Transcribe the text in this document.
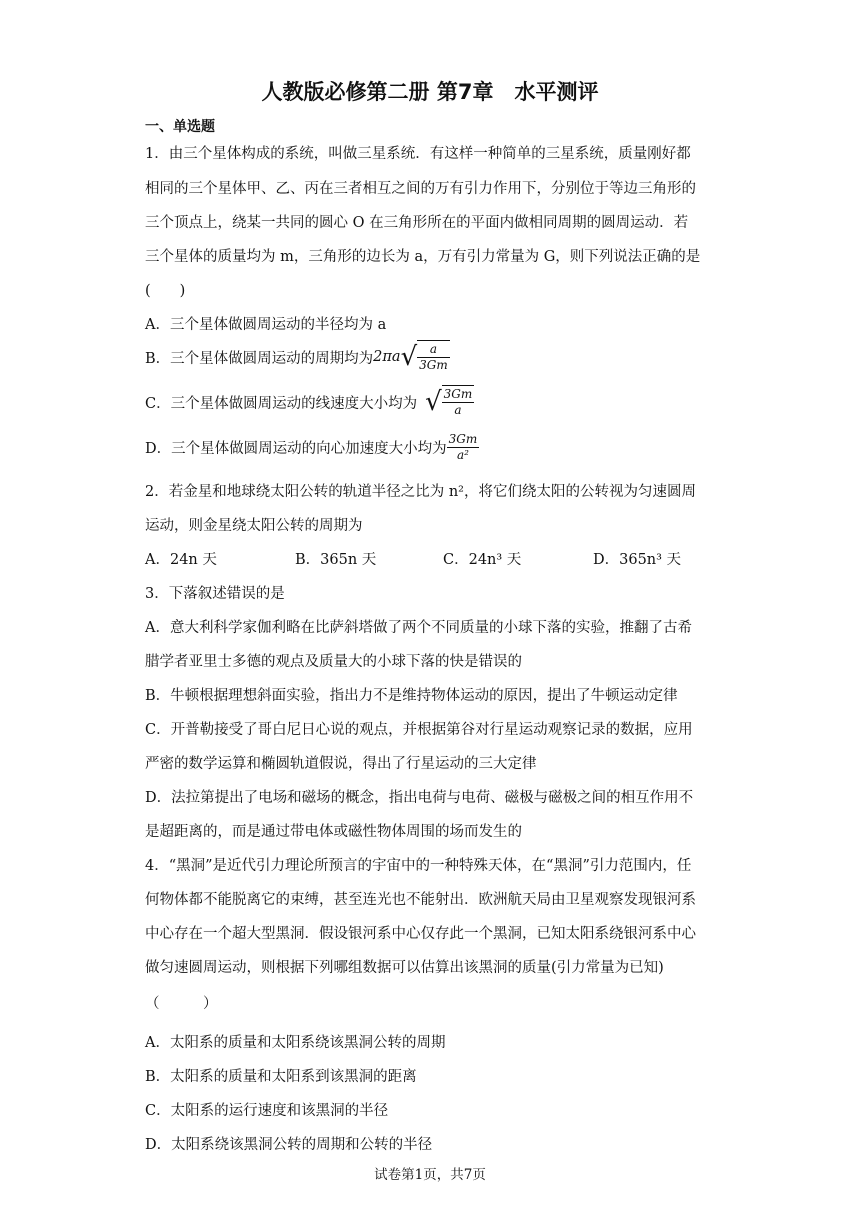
人教版必修第二册 第7章　水平测评
一、单选题
1．由三个星体构成的系统，叫做三星系统．有这样一种简单的三星系统，质量刚好都
相同的三个星体甲、乙、丙在三者相互之间的万有引力作用下，分别位于等边三角形的
三个顶点上，绕某一共同的圆心 O 在三角形所在的平面内做相同周期的圆周运动．若
三个星体的质量均为 m，三角形的边长为 a，万有引力常量为 G，则下列说法正确的是
(　　)
A．三个星体做圆周运动的半径均为 a
B．三个星体做圆周运动的周期均为 2πa √ $\frac{a}{3Gm}$
C．三个星体做圆周运动的线速度大小均为 √ $\frac{3Gm}{a}$
D．三个星体做圆周运动的向心加速度大小均为 $\frac{3Gm}{\text{a²}}$
2．若金星和地球绕太阳公转的轨道半径之比为 n²，将它们绕太阳的公转视为匀速圆周
运动，则金星绕太阳公转的周期为
A．24n 天	B．365n 天	C．24n³ 天	D．365n³ 天
3．下落叙述错误的是
A．意大利科学家伽利略在比萨斜塔做了两个不同质量的小球下落的实验，推翻了古希
腊学者亚里士多德的观点及质量大的小球下落的快是错误的
B．牛顿根据理想斜面实验，指出力不是维持物体运动的原因，提出了牛顿运动定律
C．开普勒接受了哥白尼日心说的观点，并根据第谷对行星运动观察记录的数据，应用
严密的数学运算和椭圆轨道假说，得出了行星运动的三大定律
D．法拉第提出了电场和磁场的概念，指出电荷与电荷、磁极与磁极之间的相互作用不
是超距离的，而是通过带电体或磁性物体周围的场而发生的
4．“黑洞”是近代引力理论所预言的宇宙中的一种特殊天体，在“黑洞”引力范围内，任
何物体都不能脱离它的束缚，甚至连光也不能射出．欧洲航天局由卫星观察发现银河系
中心存在一个超大型黑洞．假设银河系中心仅存此一个黑洞，已知太阳系绕银河系中心
做匀速圆周运动，则根据下列哪组数据可以估算出该黑洞的质量(引力常量为已知)
（　　　）
A．太阳系的质量和太阳系绕该黑洞公转的周期
B．太阳系的质量和太阳系到该黑洞的距离
C．太阳系的运行速度和该黑洞的半径
D．太阳系绕该黑洞公转的周期和公转的半径
试卷第1页，共7页
